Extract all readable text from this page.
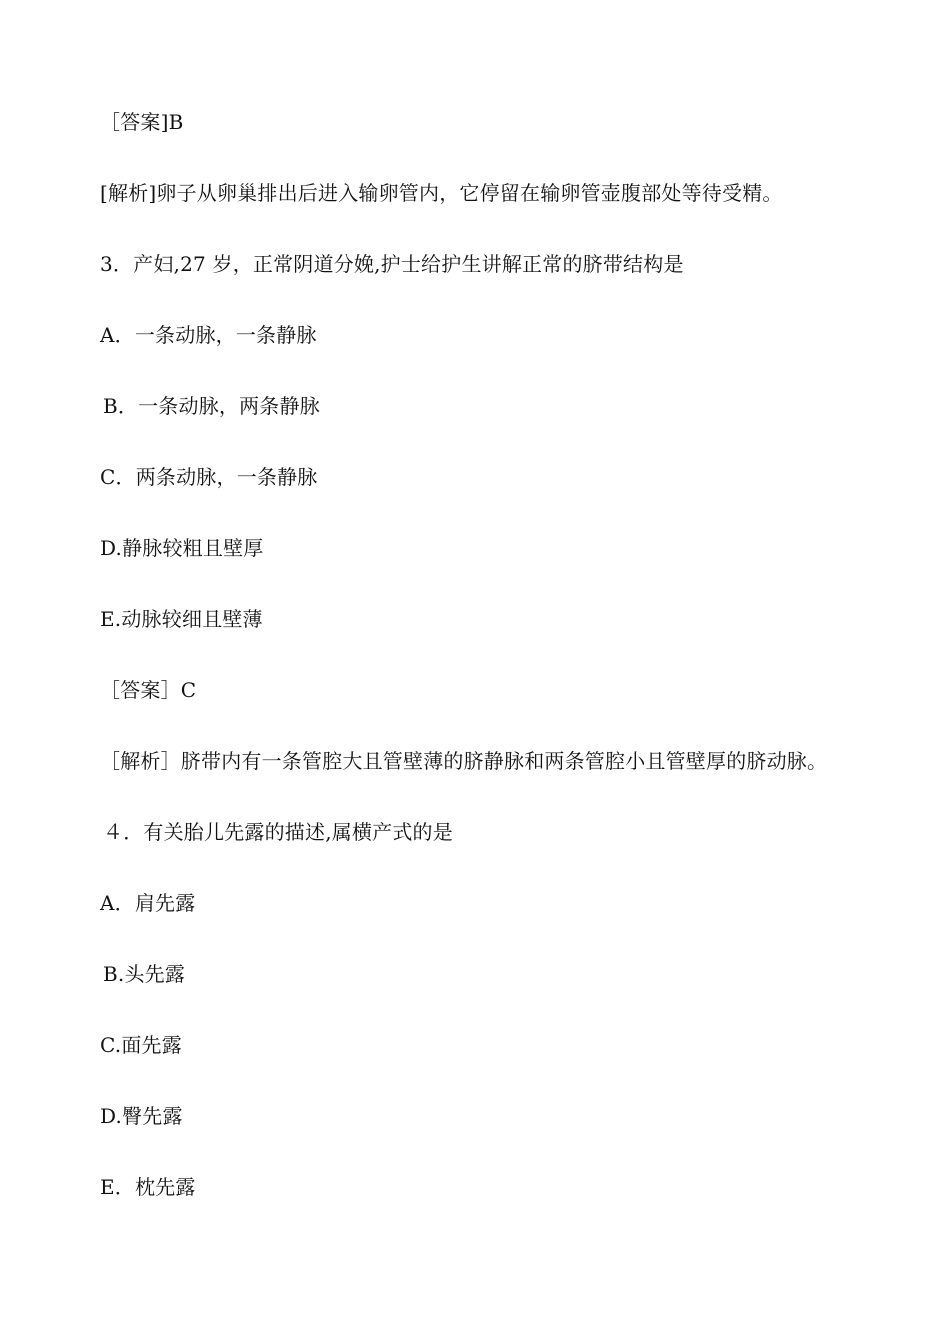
［答案]B
[解析]卵子从卵巢排出后进入输卵管内，它停留在输卵管壶腹部处等待受精。
3．产妇,27 岁，正常阴道分娩,护士给护生讲解正常的脐带结构是
A．一条动脉，一条静脉
Β．一条动脉，两条静脉
C．两条动脉，一条静脉
D.静脉较粗且壁厚
E.动脉较细且壁薄
［答案］C
［解析］脐带内有一条管腔大且管壁薄的脐静脉和两条管腔小且管壁厚的脐动脉。
４．有关胎儿先露的描述,属横产式的是
A．肩先露
Β.头先露
C.面先露
D.臀先露
E．枕先露
